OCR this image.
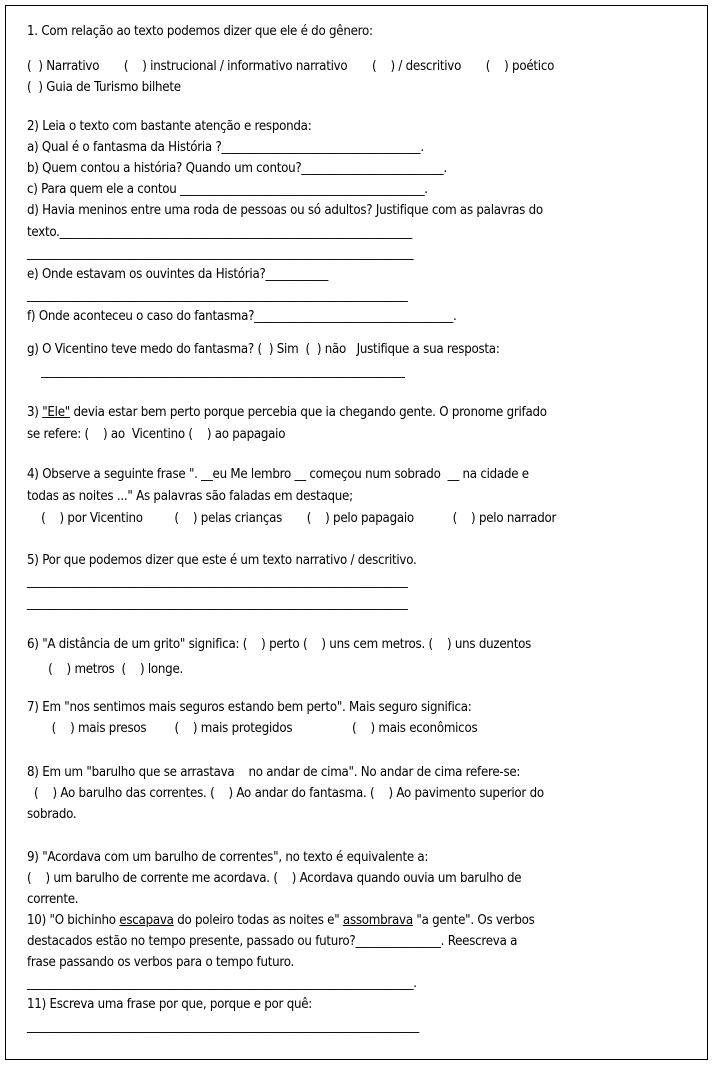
1. Com relação ao texto podemos dizer que ele é do gênero:
(  ) Narrativo       (    ) instrucional / informativo narrativo       (    ) / descritivo       (    ) poético
(  ) Guia de Turismo bilhete
2) Leia o texto com bastante atenção e responda:
a) Qual é o fantasma da História ?___________________________________.
b) Quem contou a história? Quando um contou?_________________________.
c) Para quem ele a contou ___________________________________________.
d) Havia meninos entre uma roda de pessoas ou só adultos? Justifique com as palavras do
texto.______________________________________________________________
____________________________________________________________________
e) Onde estavam os ouvintes da História?___________
___________________________________________________________________
f) Onde aconteceu o caso do fantasma?___________________________________.
g) O Vicentino teve medo do fantasma? (  ) Sim  (  ) não   Justifique a sua resposta:
________________________________________________________________
3) "Ele" devia estar bem perto porque percebia que ia chegando gente. O pronome grifado
se refere: (    ) ao  Vicentino (    ) ao papagaio
4) Observe a seguinte frase ". __eu Me lembro __ começou num sobrado  __ na cidade e
todas as noites ..." As palavras são faladas em destaque;
(    ) por Vicentino         (    ) pelas crianças       (    ) pelo papagaio           (    ) pelo narrador
5) Por que podemos dizer que este é um texto narrativo / descritivo.
___________________________________________________________________
___________________________________________________________________
6) "A distância de um grito" significa: (    ) perto (    ) uns cem metros. (    ) uns duzentos
(    ) metros  (    ) longe.
7) Em "nos sentimos mais seguros estando bem perto". Mais seguro significa:
(    ) mais presos        (    ) mais protegidos                 (    ) mais econômicos
8) Em um "barulho que se arrastava    no andar de cima". No andar de cima refere-se:
(    ) Ao barulho das correntes. (    ) Ao andar do fantasma. (    ) Ao pavimento superior do
sobrado.
9) "Acordava com um barulho de correntes", no texto é equivalente a:
(    ) um barulho de corrente me acordava. (    ) Acordava quando ouvia um barulho de
corrente.
10) "O bichinho escapava do poleiro todas as noites e" assombrava "a gente". Os verbos
destacados estão no tempo presente, passado ou futuro?_______________. Reescreva a
frase passando os verbos para o tempo futuro.
____________________________________________________________________.
11) Escreva uma frase por que, porque e por quê:
_____________________________________________________________________
